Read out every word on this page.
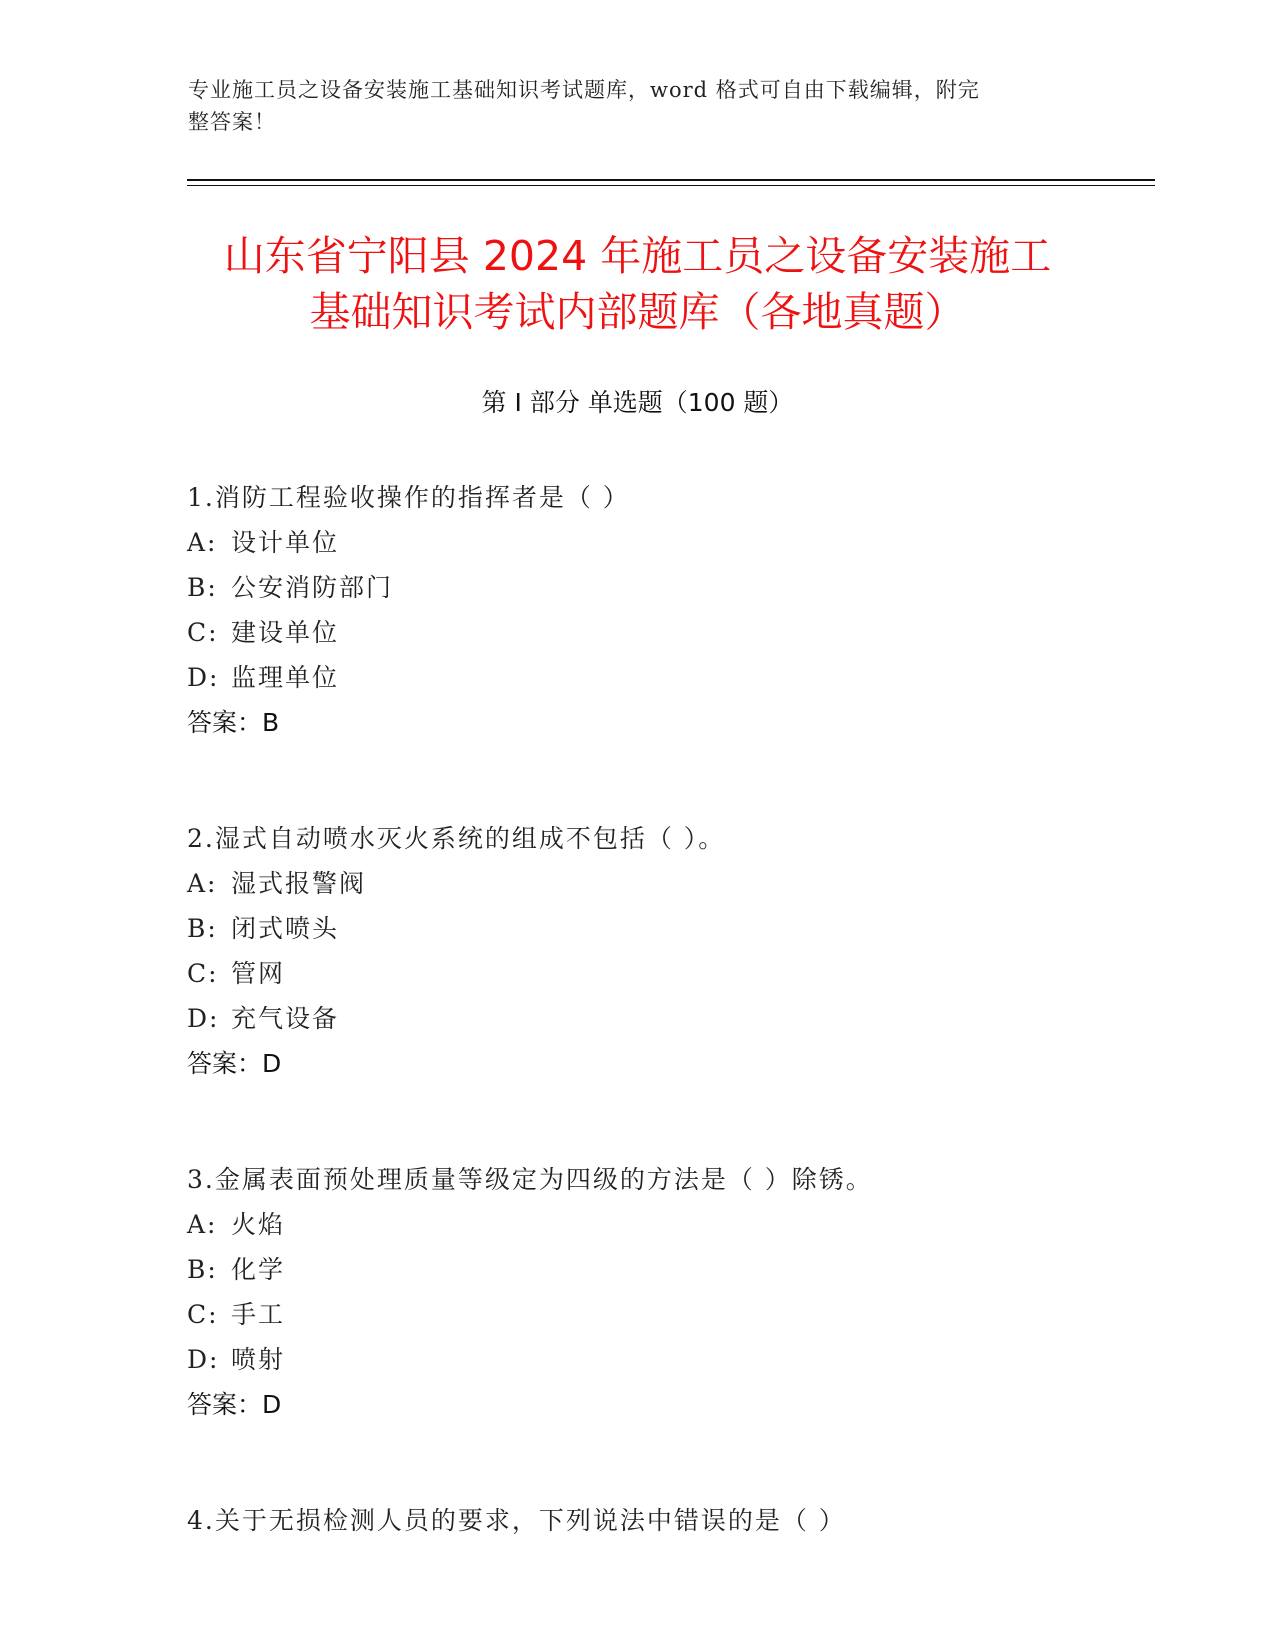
专业施工员之设备安装施工基础知识考试题库，word 格式可自由下载编辑，附完
整答案！
山东省宁阳县 2024 年施工员之设备安装施工
基础知识考试内部题库（各地真题）
第 I 部分 单选题（100 题）
1.消防工程验收操作的指挥者是（ ）
A: 设计单位
B: 公安消防部门
C: 建设单位
D: 监理单位
答案：B
2.湿式自动喷水灭火系统的组成不包括（ ）。
A: 湿式报警阀
B: 闭式喷头
C: 管网
D: 充气设备
答案：D
3.金属表面预处理质量等级定为四级的方法是（ ）除锈。
A: 火焰
B: 化学
C: 手工
D: 喷射
答案：D
4.关于无损检测人员的要求，下列说法中错误的是（ ）
